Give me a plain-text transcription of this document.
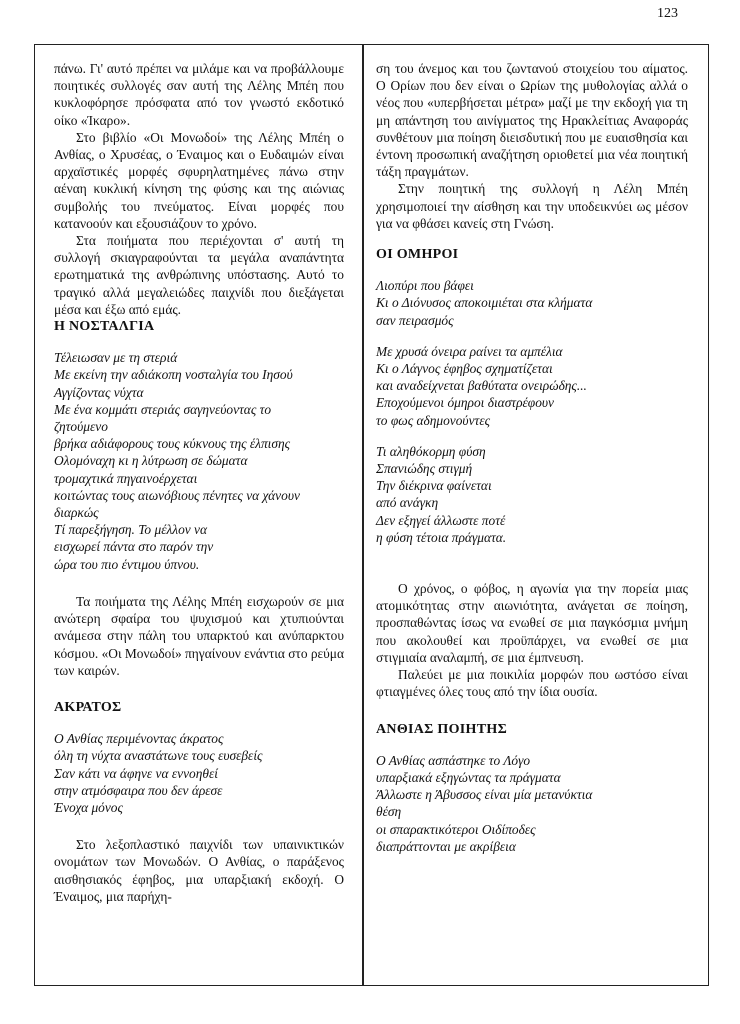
123

πάνω. Γι' αυτό πρέπει να μιλάμε και να προβάλλουμε ποιητικές συλλογές σαν αυτή της Λέλης Μπέη που κυκλοφόρησε πρόσφατα από τον γνωστό εκδοτικό οίκο «Ίκαρο».

Στο βιβλίο «Οι Μονωδοί» της Λέλης Μπέη ο Ανθίας, ο Χρυσέας, ο Έναιμος και ο Ευδαιμών είναι αρχαϊστικές μορφές σφυρηλατημένες πάνω στην αέναη κυκλική κίνηση της φύσης και της αιώνιας συμβολής του πνεύματος. Είναι μορφές που κατανοούν και εξουσιάζουν το χρόνο.

Στα ποιήματα που περιέχονται σ' αυτή τη συλλογή σκιαγραφούνται τα μεγάλα αναπάντητα ερωτηματικά της ανθρώπινης υπόστασης. Αυτό το τραγικό αλλά μεγαλειώδες παιχνίδι που διεξάγεται μέσα και έξω από εμάς.

Η ΝΟΣΤΑΛΓΙΑ
Τέλειωσαν με τη στεριά
Με εκείνη την αδιάκοπη νοσταλγία του Ιησού
Αγγίζοντας νύχτα
Με ένα κομμάτι στεριάς σαγηνεύοντας το
ζητούμενο
βρήκα αδιάφορους τους κύκνους της έλπισης
Ολομόναχη κι η λύτρωση σε δώματα
τρομαχτικά πηγαινοέρχεται
κοιτώντας τους αιωνόβιους πένητες να χάνουν
διαρκώς
Τί παρεξήγηση. Το μέλλον να
εισχωρεί πάντα στο παρόν την
ώρα του πιο έντιμου ύπνου.

Τα ποιήματα της Λέλης Μπέη εισχωρούν σε μια ανώτερη σφαίρα του ψυχισμού και χτυπιούνται ανάμεσα στην πάλη του υπαρκτού και ανύπαρκτου κόσμου. «Οι Μονωδοί» πηγαίνουν ενάντια στο ρεύμα των καιρών.

ΑΚΡΑΤΟΣ
Ο Ανθίας περιμένοντας άκρατος
όλη τη νύχτα αναστάτωνε τους ευσεβείς
Σαν κάτι να άφηνε να εννοηθεί
στην ατμόσφαιρα που δεν άρεσε
Ένοχα μόνος

Στο λεξοπλαστικό παιχνίδι των υπαινικτικών ονομάτων των Μονωδών. Ο Ανθίας, ο παράξενος αισθησιακός έφηβος, μια υπαρξιακή εκδοχή. Ο Έναιμος, μια παρήχη-

ση του άνεμος και του ζωντανού στοιχείου του αίματος. Ο Ορίων που δεν είναι ο Ωρίων της μυθολογίας αλλά ο νέος που «υπερβήσεται μέτρα» μαζί με την εκδοχή για τη μη απάντηση του αινίγματος της Ηρακλείτιας Αναφοράς συνθέτουν μια ποίηση διεισδυτική που με ευαισθησία και έντονη προσωπική αναζήτηση οριοθετεί μια νέα ποιητική τάξη πραγμάτων.

Στην ποιητική της συλλογή η Λέλη Μπέη χρησιμοποιεί την αίσθηση και την υποδεικνύει ως μέσον για να φθάσει κανείς στη Γνώση.

ΟΙ ΟΜΗΡΟΙ
Λιοπύρι που βάφει
Κι ο Διόνυσος αποκοιμιέται στα κλήματα
σαν πειρασμός
Με χρυσά όνειρα ραίνει τα αμπέλια
Κι ο Λάγνος έφηβος σχηματίζεται
και αναδείχνεται βαθύτατα ονειρώδης...
Εποχούμενοι όμηροι διαστρέφουν
το φως αδημονούντες
Τι αληθόκορμη φύση
Σπανιώδης στιγμή
Την διέκρινα φαίνεται
από ανάγκη
Δεν εξηγεί άλλωστε ποτέ
η φύση τέτοια πράγματα.

Ο χρόνος, ο φόβος, η αγωνία για την πορεία μιας ατομικότητας στην αιωνιότητα, ανάγεται σε ποίηση, προσπαθώντας ίσως να ενωθεί σε μια παγκόσμια μνήμη που ακολουθεί και προϋπάρχει, να ενωθεί σε μια στιγμιαία αναλαμπή, σε μια έμπνευση.

Παλεύει με μια ποικιλία μορφών που ωστόσο είναι φτιαγμένες όλες τους από την ίδια ουσία.

ΑΝΘΙΑΣ ΠΟΙΗΤΗΣ
Ο Ανθίας ασπάστηκε το Λόγο
υπαρξιακά εξηγώντας τα πράγματα
Άλλωστε η Άβυσσος είναι μία μετανύκτια
θέση
οι σπαρακτικότεροι Οιδίποδες
διαπράττονται με ακρίβεια
